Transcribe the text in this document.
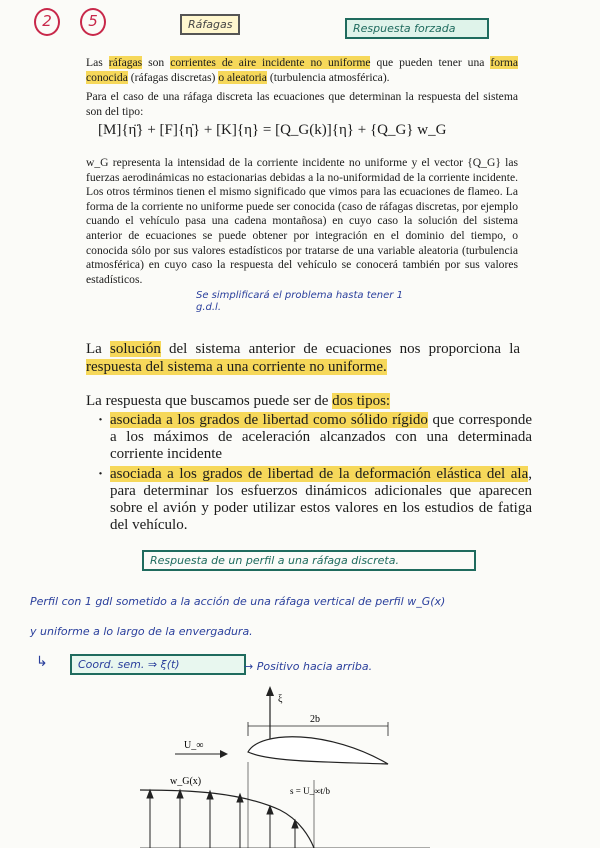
2	5	Ráfagas	Respuesta forzada
Las ráfagas son corrientes de aire incidente no uniforme que pueden tener una forma conocida (ráfagas discretas) o aleatoria (turbulencia atmosférica).
Para el caso de una ráfaga discreta las ecuaciones que determinan la respuesta del sistema son del tipo:
[M]{η̈} + [F]{η̇} + [K]{η} = [Q_G(k)]{η} + {Q_G} w_G
w_G representa la intensidad de la corriente incidente no uniforme y el vector {Q_G} las fuerzas aerodinámicas no estacionarias debidas a la no-uniformidad de la corriente incidente. Los otros términos tienen el mismo significado que vimos para las ecuaciones de flameo. La forma de la corriente no uniforme puede ser conocida (caso de ráfagas discretas, por ejemplo cuando el vehículo pasa una cadena montañosa) en cuyo caso la solución del sistema anterior de ecuaciones se puede obtener por integración en el dominio del tiempo, o conocida sólo por sus valores estadísticos por tratarse de una variable aleatoria (turbulencia atmosférica) en cuyo caso la respuesta del vehículo se conocerá también por sus valores estadísticos.
Se simplificará el problema hasta tener 1 g.d.l.
La solución del sistema anterior de ecuaciones nos proporciona la respuesta del sistema a una corriente no uniforme.
La respuesta que buscamos puede ser de dos tipos:
· asociada a los grados de libertad como sólido rígido que corresponde a los máximos de aceleración alcanzados con una determinada corriente incidente
· asociada a los grados de libertad de la deformación elástica del ala, para determinar los esfuerzos dinámicos adicionales que aparecen sobre el avión y poder utilizar estos valores en los estudios de fatiga del vehículo.
Respuesta de un perfil a una ráfaga discreta.
Perfil con 1 gdl sometido a la acción de una ráfaga vertical de perfil w_G(x)
y uniforme a lo largo de la envergadura.
Coord. sem. ⇒ ξ(t)
↳	→ Positivo hacia arriba.
ξ
2b
U_∞
w_G(x)
s = U_∞t/b
